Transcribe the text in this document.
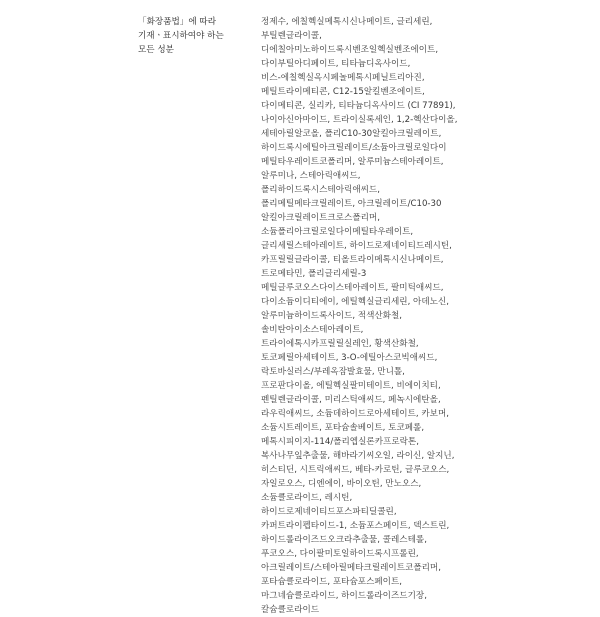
「화장품법」에 따라
기재ㆍ표시하여야 하는
모든 성분
정제수, 에칠헥실메톡시신나메이트, 글리세린,
부틸렌글라이콜,
디에칠아미노하이드록시벤조일헥실벤조에이트,
다이부틸아디페이트, 티타늄디옥사이드,
비스-에칠헥실옥시페놀메톡시페닐트리아진,
메틸트라이메티콘, C12-15알킬벤조에이트,
다이메티콘, 실리카, 티타늄디옥사이드 (CI 77891),
나이아신아마이드, 트라이실록세인, 1,2-헥산다이올,
세테아릴알코올, 폴리C10-30알킬아크릴레이트,
하이드록시에틸아크릴레이트/소듐아크릴로일다이
메틸타우레이트코폴리머, 알루미늄스테아레이트,
알루미나, 스테아릭애씨드,
폴리하이드록시스테아릭애씨드,
폴리메틸메타크릴레이트, 아크릴레이트/C10-30
알킬아크릴레이트크로스폴리머,
소듐폴리아크릴로일다이메틸타우레이트,
글리세릴스테아레이트, 하이드로제네이티드레시틴,
카프릴릴글라이콜, 티올트라이메톡시신나메이트,
트로메타민, 폴리글리세릴-3
메틸글루코오스다이스테아레이트, 팔미틱애씨드,
다이소듐이디티에이, 에틸헥실글리세린, 아데노신,
알루미늄하이드록사이드, 적색산화철,
솔비탄아이소스테아레이트,
트라이에톡시카프릴릴실레인, 황색산화철,
토코페릴아세테이트, 3-O-에틸아스코빅애씨드,
락토바실러스/부레옥잠발효물, 만니톨,
프로판다이올, 에틸헥실팔미테이트, 비에이치티,
펜틸렌글라이콜, 미리스틱애씨드, 페녹시에탄올,
라우릭애씨드, 소듐데하이드로아세테이트, 카보머,
소듐시트레이트, 포타슘솔베이트, 토코페롤,
메톡시피이지-114/폴리엡실론카프로락톤,
복사나무잎추출물, 해바라기씨오일, 라이신, 알지닌,
히스티딘, 시트릭애씨드, 베타-카로틴, 글루코오스,
자일로오스, 디엔에이, 바이오틴, 만노오스,
소듐클로라이드, 레시틴,
하이드로제네이티드포스파티딜콜린,
카퍼트라이펩타이드-1, 소듐포스페이트, 덱스트린,
하이드롤라이즈드오크라추출물, 콜레스테롤,
푸코오스, 다이팔미토일하이드록시프롤린,
아크릴레이트/스테아릴메타크릴레이트코폴리머,
포타슘클로라이드, 포타슘포스페이트,
마그네슘클로라이드, 하이드롤라이즈드기장,
칼슘클로라이드
